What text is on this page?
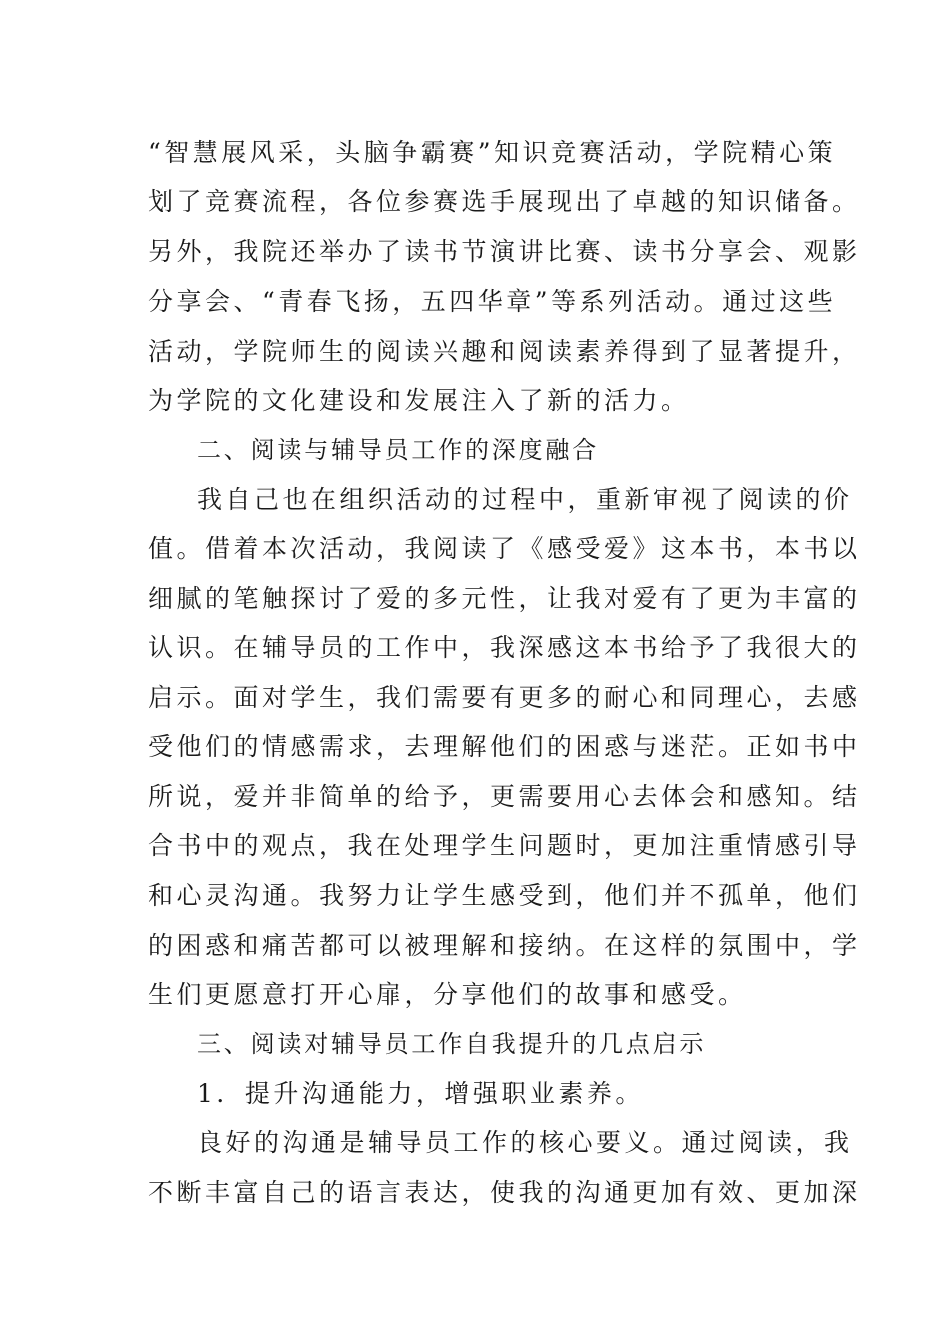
“智慧展风采，头脑争霸赛”知识竞赛活动，学院精心策
划了竞赛流程，各位参赛选手展现出了卓越的知识储备。
另外，我院还举办了读书节演讲比赛、读书分享会、观影
分享会、“青春飞扬，五四华章”等系列活动。通过这些
活动，学院师生的阅读兴趣和阅读素养得到了显著提升，
为学院的文化建设和发展注入了新的活力。
二、阅读与辅导员工作的深度融合
我自己也在组织活动的过程中，重新审视了阅读的价
值。借着本次活动，我阅读了《感受爱》这本书，本书以
细腻的笔触探讨了爱的多元性，让我对爱有了更为丰富的
认识。在辅导员的工作中，我深感这本书给予了我很大的
启示。面对学生，我们需要有更多的耐心和同理心，去感
受他们的情感需求，去理解他们的困惑与迷茫。正如书中
所说，爱并非简单的给予，更需要用心去体会和感知。结
合书中的观点，我在处理学生问题时，更加注重情感引导
和心灵沟通。我努力让学生感受到，他们并不孤单，他们
的困惑和痛苦都可以被理解和接纳。在这样的氛围中，学
生们更愿意打开心扉，分享他们的故事和感受。
三、阅读对辅导员工作自我提升的几点启示
1．提升沟通能力，增强职业素养。
良好的沟通是辅导员工作的核心要义。通过阅读，我
不断丰富自己的语言表达，使我的沟通更加有效、更加深
